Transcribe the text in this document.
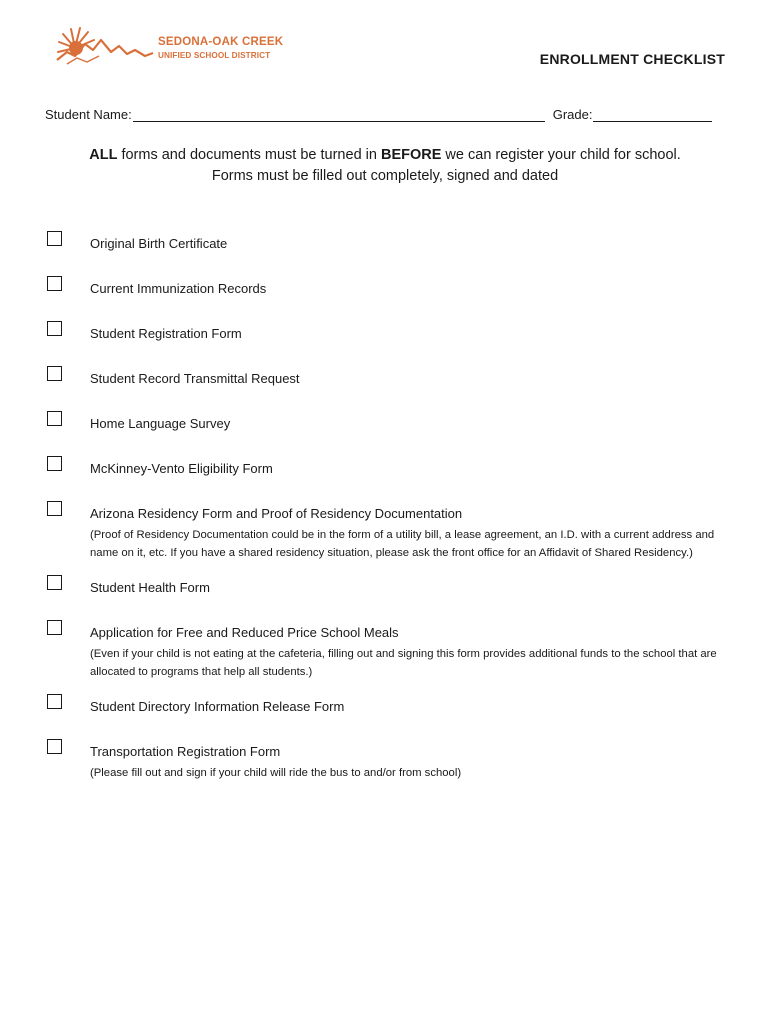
SEDONA-OAK CREEK
UNIFIED SCHOOL DISTRICT	ENROLLMENT CHECKLIST
Student Name:	Grade:
ALL forms and documents must be turned in BEFORE we can register your child for school.
Forms must be filled out completely, signed and dated
Original Birth Certificate
Current Immunization Records
Student Registration Form
Student Record Transmittal Request
Home Language Survey
McKinney-Vento Eligibility Form
Arizona Residency Form and Proof of Residency Documentation
(Proof of Residency Documentation could be in the form of a utility bill, a lease agreement, an I.D. with a current address and name on it, etc. If you have a shared residency situation, please ask the front office for an Affidavit of Shared Residency.)
Student Health Form
Application for Free and Reduced Price School Meals
(Even if your child is not eating at the cafeteria, filling out and signing this form provides additional funds to the school that are allocated to programs that help all students.)
Student Directory Information Release Form
Transportation Registration Form
(Please fill out and sign if your child will ride the bus to and/or from school)
